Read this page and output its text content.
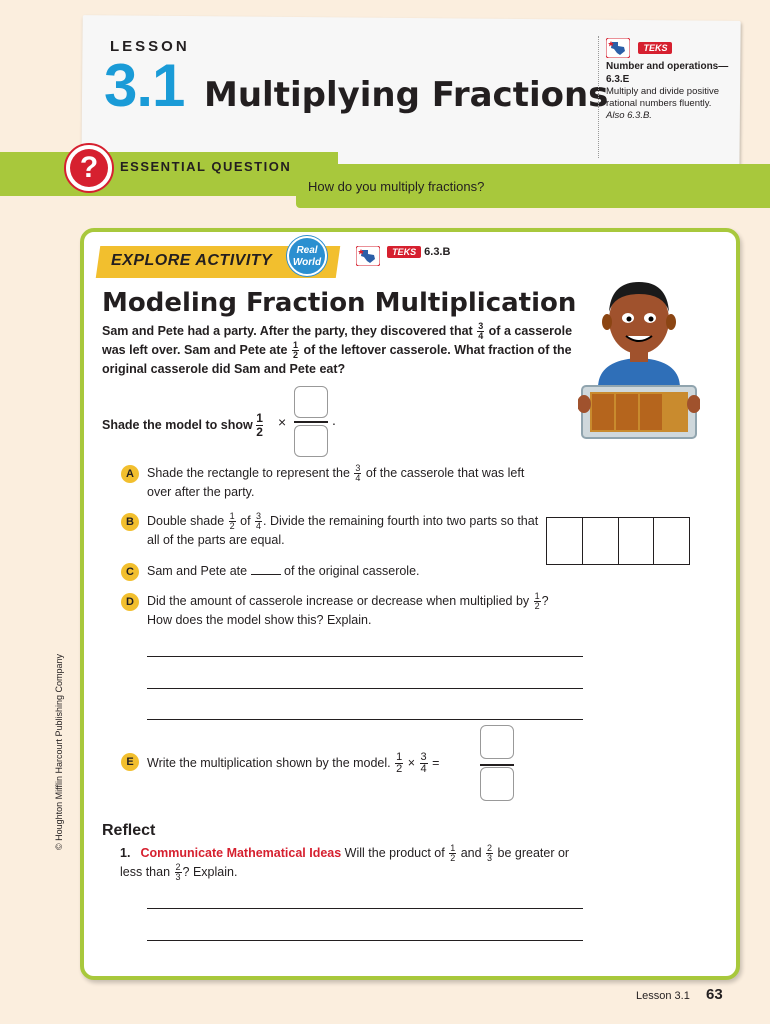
LESSON
3.1 Multiplying Fractions
TEKS
Number and operations—6.3.E
Multiply and divide positive rational numbers fluently.
Also 6.3.B.
?	ESSENTIAL QUESTION
How do you multiply fractions?
EXPLORE ACTIVITY
Real
World
TEKS 6.3.B
Modeling Fraction Multiplication
Sam and Pete had a party. After the party, they discovered that $\frac{3}{4}$ of a casserole was left over. Sam and Pete ate $\frac{1}{2}$ of the leftover casserole. What fraction of the original casserole did Sam and Pete eat?
Shade the model to show $\frac{1}{2}$ ×	.
A	Shade the rectangle to represent the $\frac{3}{4}$ of the casserole that was left over after the party.
B	Double shade $\frac{1}{2}$ of $\frac{3}{4}$ . Divide the remaining fourth into two parts so that all of the parts are equal.
C	Sam and Pete ate  of the original casserole.
D	Did the amount of casserole increase or decrease when multiplied by $\frac{1}{2}$ ? How does the model show this? Explain.
E	Write the multiplication shown by the model. $\frac{1}{2} \times \frac{3}{4}$ =
Reflect
1. Communicate Mathematical Ideas Will the product of $\frac{1}{2}$ and $\frac{2}{3}$ be greater or less than $\frac{2}{3}$ ? Explain.
© Houghton Mifflin Harcourt Publishing Company
Lesson 3.1 63
